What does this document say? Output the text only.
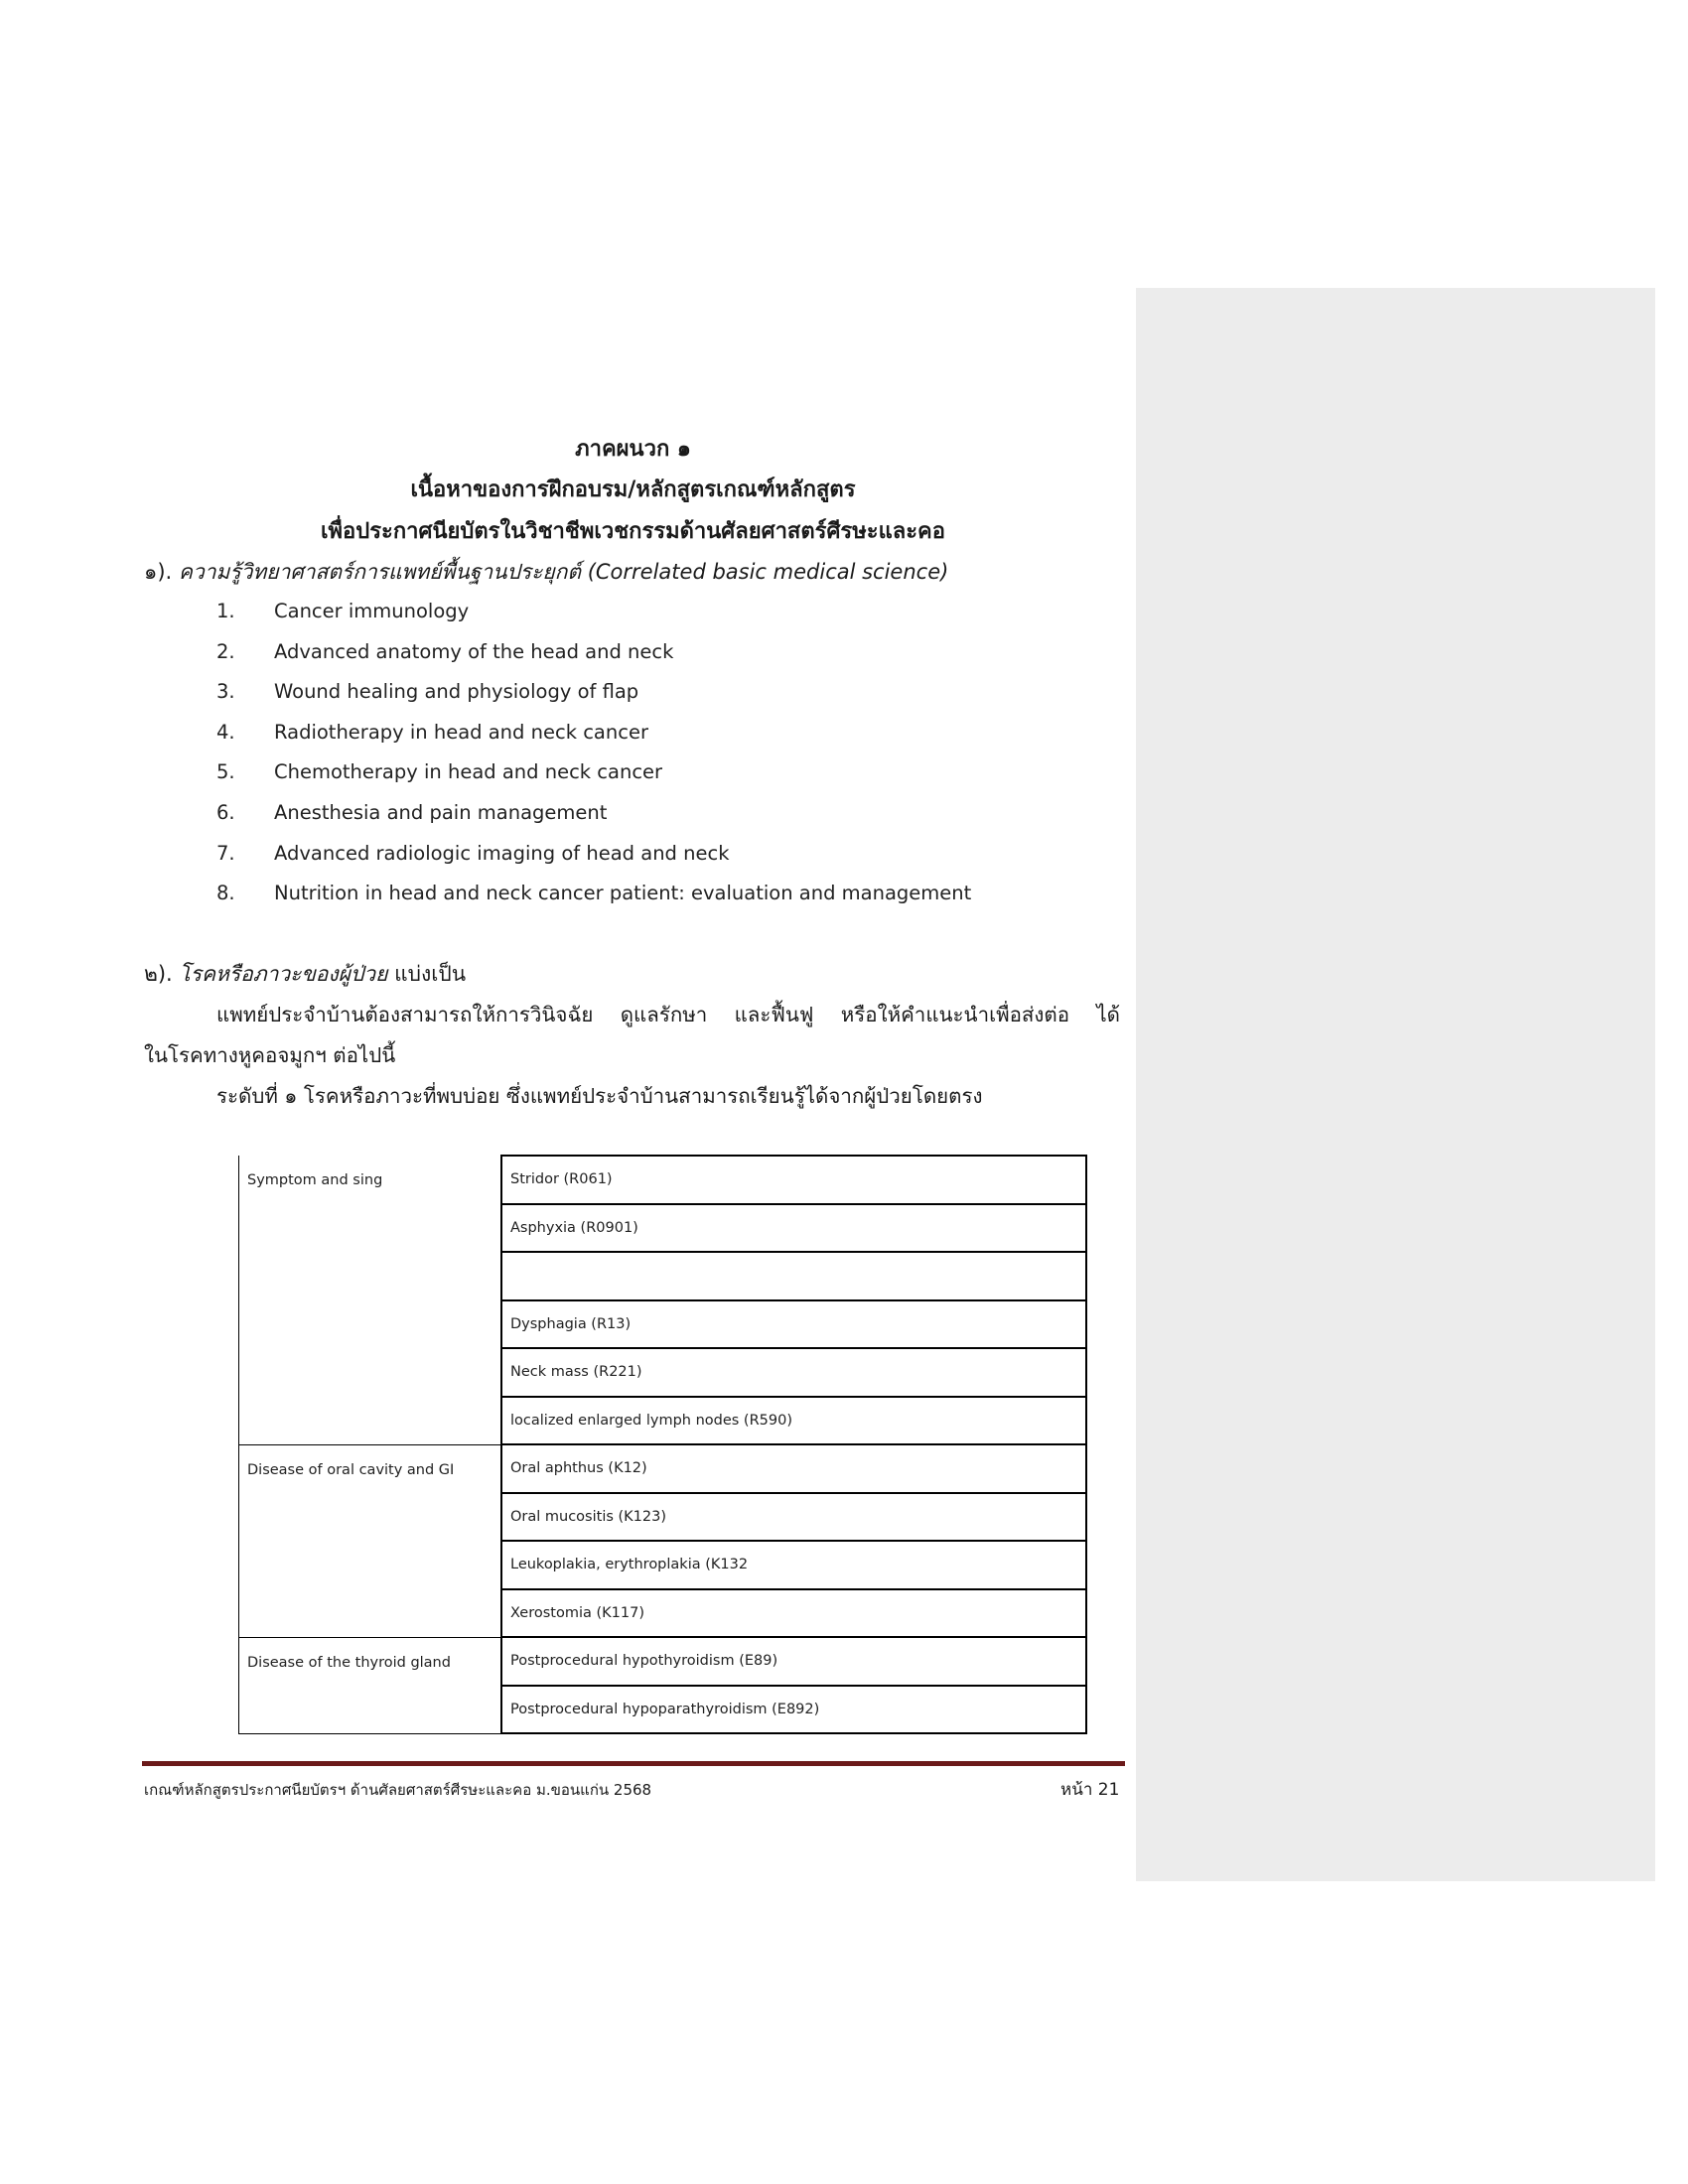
ภาคผนวก ๑
เนื้อหาของการฝึกอบรม/หลักสูตรเกณฑ์หลักสูตร
เพื่อประกาศนียบัตรในวิชาชีพเวชกรรมด้านศัลยศาสตร์ศีรษะและคอ
๑). ความรู้วิทยาศาสตร์การแพทย์พื้นฐานประยุกต์ (Correlated basic medical science)
1.	Cancer immunology
2.	Advanced anatomy of the head and neck
3.	Wound healing and physiology of flap
4.	Radiotherapy in head and neck cancer
5.	Chemotherapy in head and neck cancer
6.	Anesthesia and pain management
7.	Advanced radiologic imaging of head and neck
8.	Nutrition in head and neck cancer patient: evaluation and management
๒). โรคหรือภาวะของผู้ป่วย แบ่งเป็น
แพทย์ประจำบ้านต้องสามารถให้การวินิจฉัย ดูแลรักษา และฟื้นฟู หรือให้คำแนะนำเพื่อส่งต่อ ได้
ในโรคทางหูคอจมูกฯ ต่อไปนี้
ระดับที่ ๑ โรคหรือภาวะที่พบบ่อย ซึ่งแพทย์ประจำบ้านสามารถเรียนรู้ได้จากผู้ป่วยโดยตรง
Symptom and sing	Stridor (R061)
	Asphyxia (R0901)

	Dysphagia (R13)
	Neck mass (R221)
	localized enlarged lymph nodes (R590)
Disease of oral cavity and GI	Oral aphthus (K12)
	Oral mucositis (K123)
	Leukoplakia, erythroplakia (K132
	Xerostomia (K117)
Disease of the thyroid gland	Postprocedural hypothyroidism (E89)
	Postprocedural hypoparathyroidism (E892)
เกณฑ์หลักสูตรประกาศนียบัตรฯ ด้านศัลยศาสตร์ศีรษะและคอ ม.ขอนแก่น 2568	หน้า 21
